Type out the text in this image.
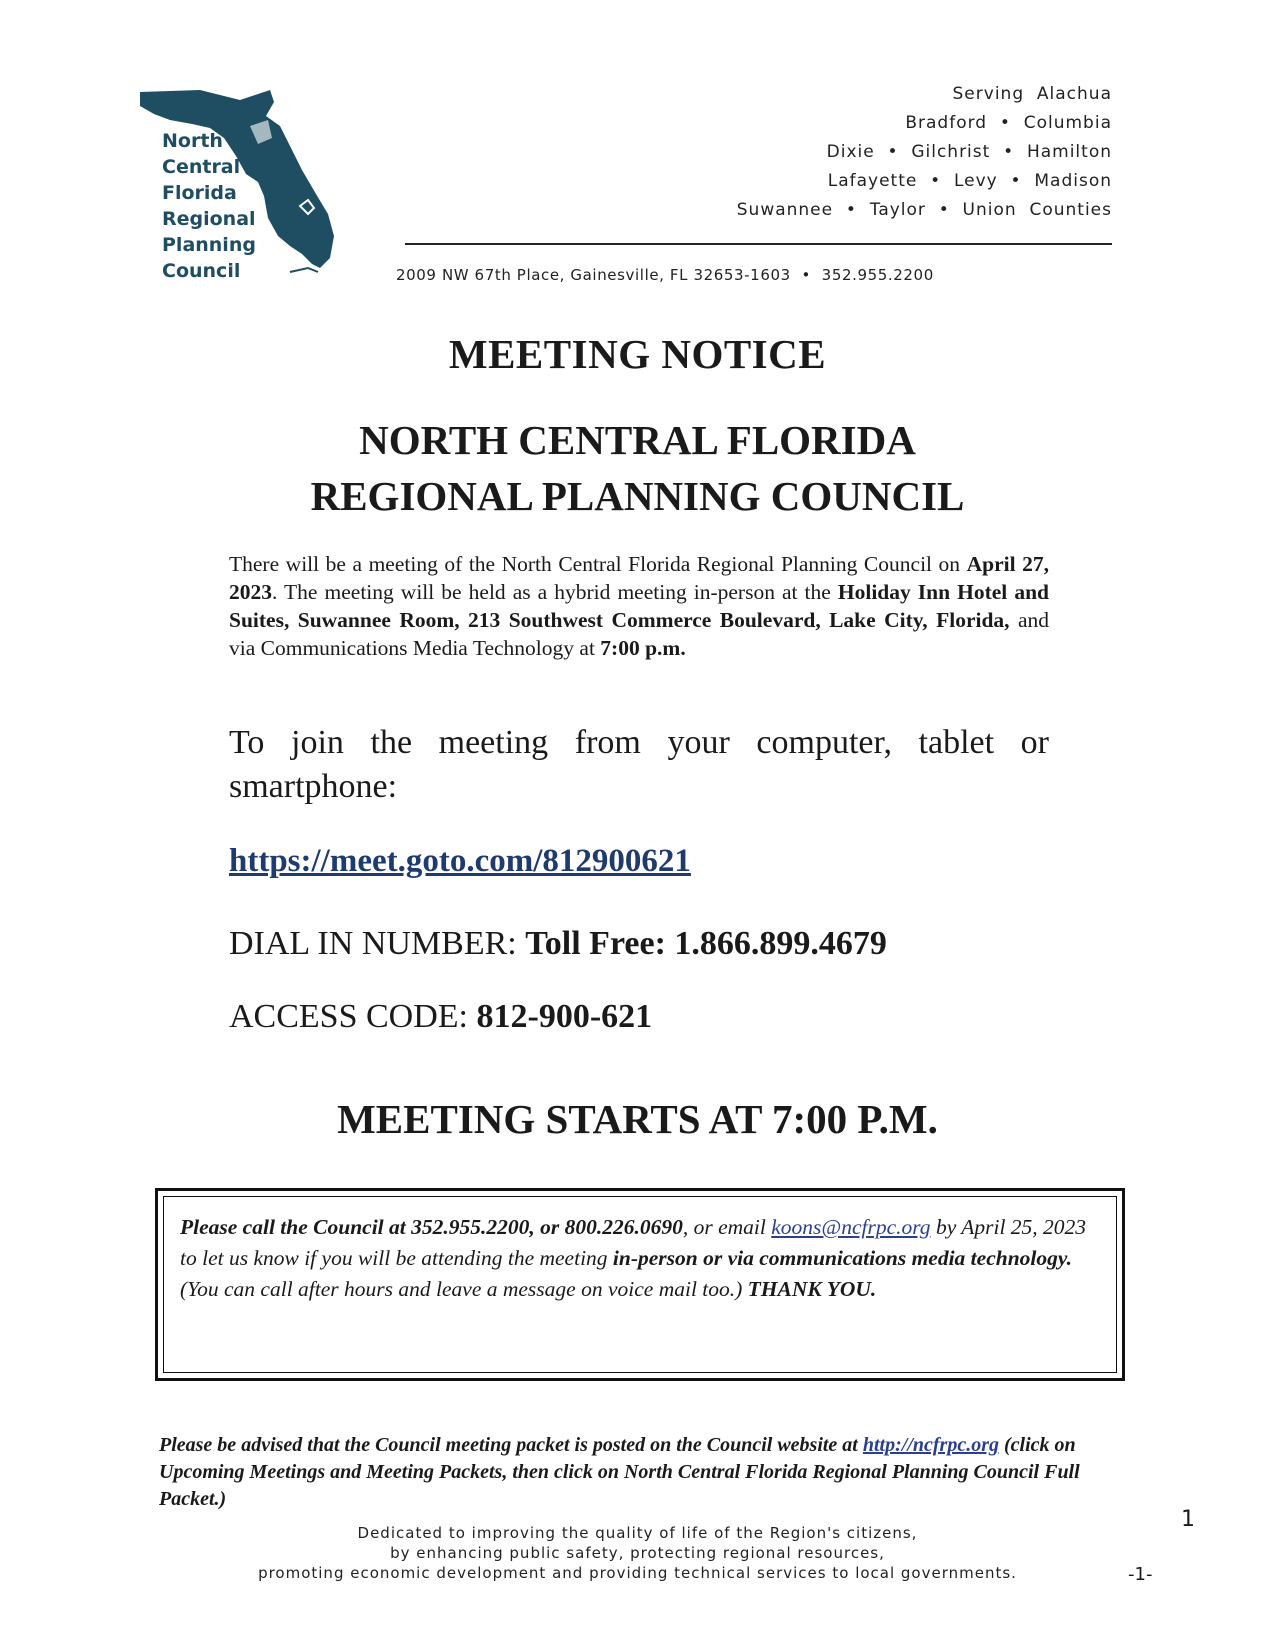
North
Central
Florida
Regional
Planning
Council
Serving  Alachua
Bradford  •  Columbia
Dixie  •  Gilchrist  •  Hamilton
Lafayette  •  Levy  •  Madison
Suwannee  •  Taylor  •  Union  Counties
2009 NW 67th Place, Gainesville, FL 32653-1603  •  352.955.2200
MEETING NOTICE
NORTH CENTRAL FLORIDA
REGIONAL PLANNING COUNCIL
There will be a meeting of the North Central Florida Regional Planning Council on April 27, 2023. The meeting will be held as a hybrid meeting in-person at the Holiday Inn Hotel and Suites, Suwannee Room, 213 Southwest Commerce Boulevard, Lake City, Florida, and via Communications Media Technology at 7:00 p.m.
To join the meeting from your computer, tablet or smartphone:
https://meet.goto.com/812900621
DIAL IN NUMBER: Toll Free: 1.866.899.4679
ACCESS CODE: 812-900-621
MEETING STARTS AT 7:00 P.M.
Please call the Council at 352.955.2200, or 800.226.0690, or email koons@ncfrpc.org by April 25, 2023 to let us know if you will be attending the meeting in-person or via communications media technology. (You can call after hours and leave a message on voice mail too.) THANK YOU.
Please be advised that the Council meeting packet is posted on the Council website at http://ncfrpc.org (click on Upcoming Meetings and Meeting Packets, then click on North Central Florida Regional Planning Council Full Packet.)
Dedicated to improving the quality of life of the Region's citizens,
by enhancing public safety, protecting regional resources,
promoting economic development and providing technical services to local governments.
1
-1-
